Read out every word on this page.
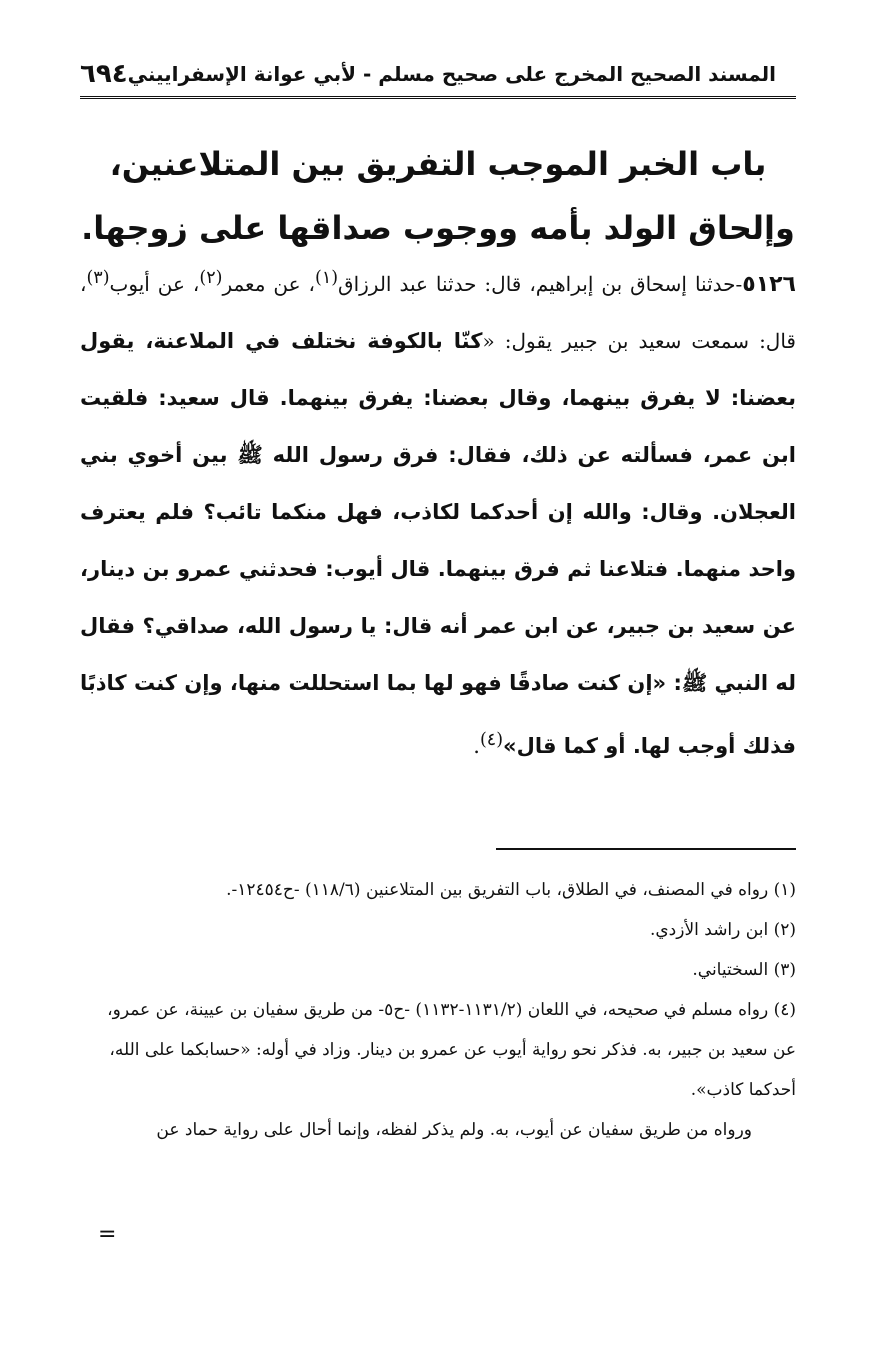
المسند الصحيح المخرج على صحيح مسلم - لأبي عوانة الإسفراييني
٦٩٤
باب الخبر الموجب التفريق بين المتلاعنين، وإلحاق الولد بأمه ووجوب صداقها على زوجها.
٥١٢٦-حدثنا إسحاق بن إبراهيم، قال: حدثنا عبد الرزاق$^{(١)}$، عن معمر$^{(٢)}$، عن أيوب$^{(٣)}$، قال: سمعت سعيد بن جبير يقول: «كنّا بالكوفة نختلف في الملاعنة، يقول بعضنا: لا يفرق بينهما، وقال بعضنا: يفرق بينهما. قال سعيد: فلقيت ابن عمر، فسألته عن ذلك، فقال: فرق رسول الله ﷺ بين أخوي بني العجلان. وقال: والله إن أحدكما لكاذب، فهل منكما تائب؟ فلم يعترف واحد منهما. فتلاعنا ثم فرق بينهما. قال أيوب: فحدثني عمرو بن دينار، عن سعيد بن جبير، عن ابن عمر أنه قال: يا رسول الله، صداقي؟ فقال له النبي ﷺ: «إن كنت صادقًا فهو لها بما استحللت منها، وإن كنت كاذبًا فذلك أوجب لها. أو كما قال»$^{(٤)}$.

(١) رواه في المصنف، في الطلاق، باب التفريق بين المتلاعنين (١١٨/٦) -ح١٢٤٥٤-.

(٢) ابن راشد الأزدي.

(٣) السختياني.

(٤) رواه مسلم في صحيحه، في اللعان (١١٣١/٢-١١٣٢) -ح٥- من طريق سفيان بن عيينة، عن عمرو، عن سعيد بن جبير، به. فذكر نحو رواية أيوب عن عمرو بن دينار. وزاد في أوله: «حسابكما على الله، أحدكما كاذب».

ورواه من طريق سفيان عن أيوب، به. ولم يذكر لفظه، وإنما أحال على رواية حماد عن

=
